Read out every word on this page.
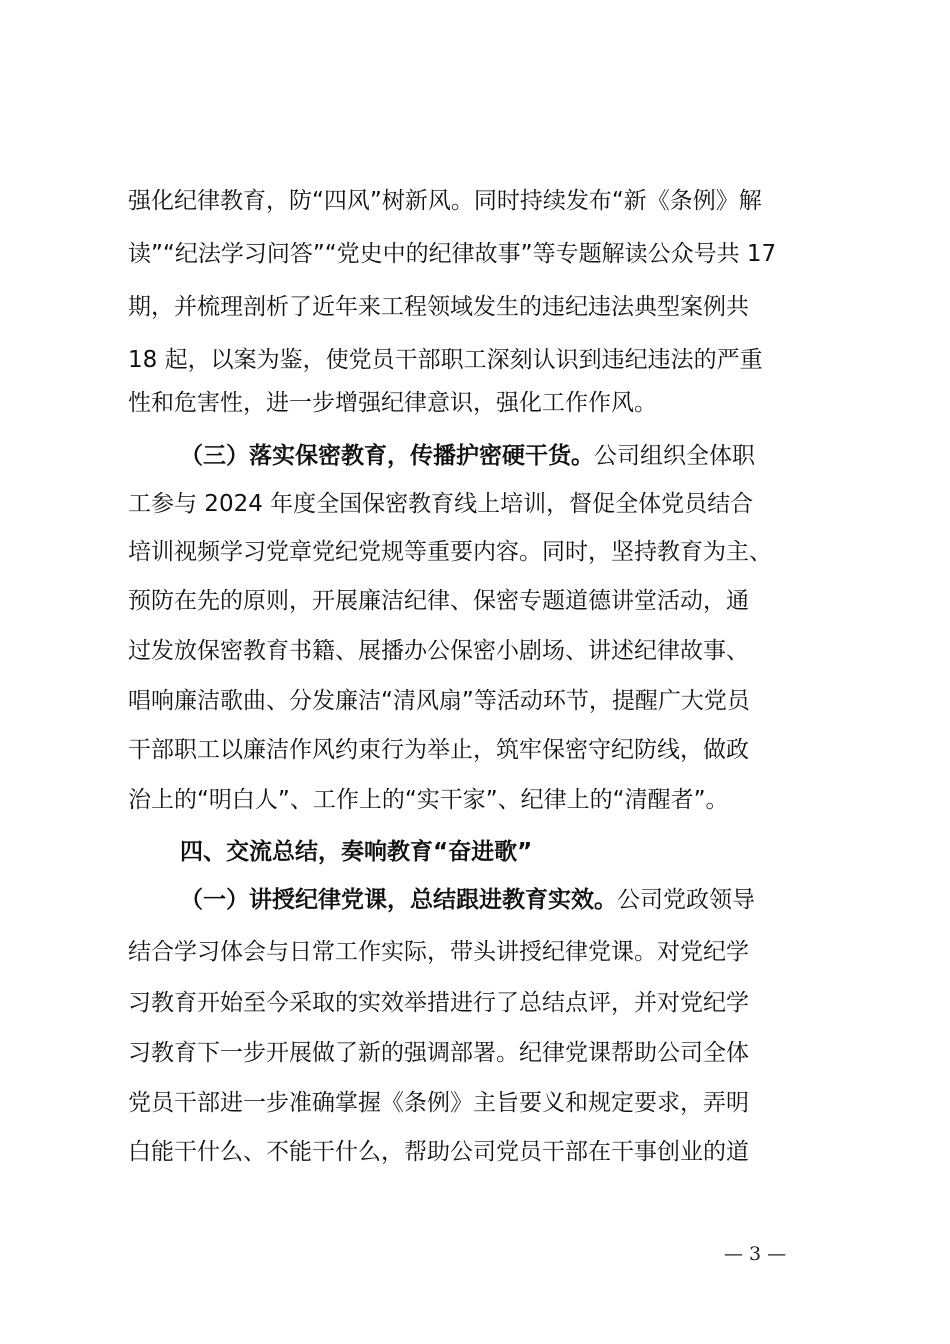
强化纪律教育，防“四风”树新风。同时持续发布“新《条例》解
读”“纪法学习问答”“党史中的纪律故事”等专题解读公众号共 17
期，并梳理剖析了近年来工程领域发生的违纪违法典型案例共
18 起，以案为鉴，使党员干部职工深刻认识到违纪违法的严重
性和危害性，进一步增强纪律意识，强化工作作风。
（三）落实保密教育，传播护密硬干货。公司组织全体职
工参与 2024 年度全国保密教育线上培训，督促全体党员结合
培训视频学习党章党纪党规等重要内容。同时，坚持教育为主、
预防在先的原则，开展廉洁纪律、保密专题道德讲堂活动，通
过发放保密教育书籍、展播办公保密小剧场、讲述纪律故事、
唱响廉洁歌曲、分发廉洁“清风扇”等活动环节，提醒广大党员
干部职工以廉洁作风约束行为举止，筑牢保密守纪防线，做政
治上的“明白人”、工作上的“实干家”、纪律上的“清醒者”。
四、交流总结，奏响教育“奋进歌”
（一）讲授纪律党课，总结跟进教育实效。公司党政领导
结合学习体会与日常工作实际，带头讲授纪律党课。对党纪学
习教育开始至今采取的实效举措进行了总结点评，并对党纪学
习教育下一步开展做了新的强调部署。纪律党课帮助公司全体
党员干部进一步准确掌握《条例》主旨要义和规定要求，弄明
白能干什么、不能干什么，帮助公司党员干部在干事创业的道
— 3 —
